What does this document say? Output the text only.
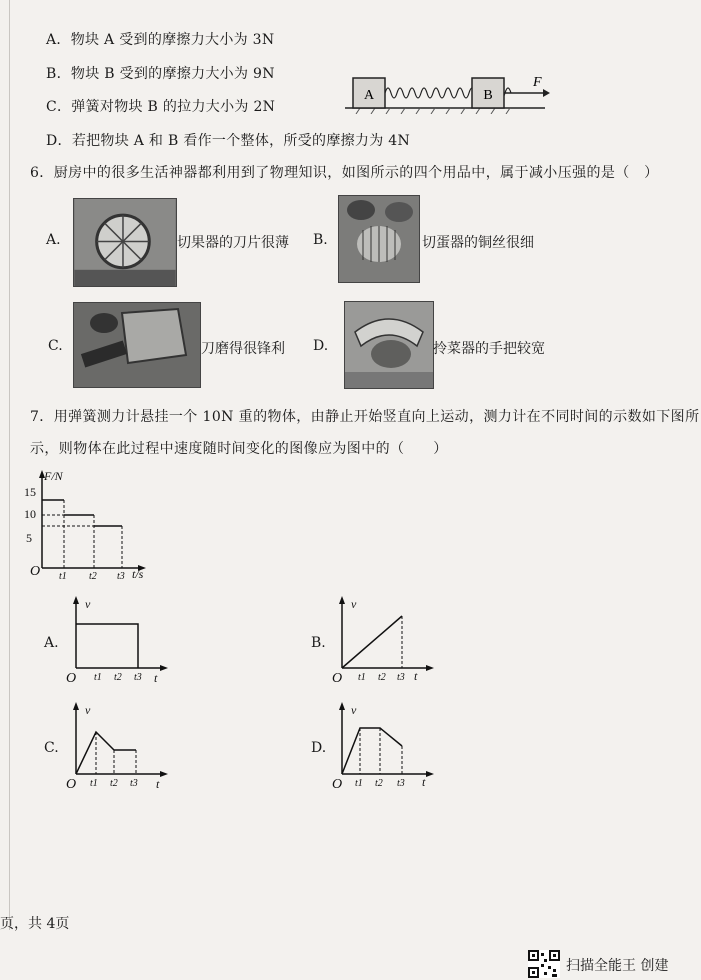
A．物块 A 受到的摩擦力大小为 3N
B．物块 B 受到的摩擦力大小为 9N
C．弹簧对物块 B 的拉力大小为 2N
D．若把物块 A 和 B 看作一个整体，所受的摩擦力为 4N
A	B
F
6．厨房中的很多生活神器都利用到了物理知识，如图所示的四个用品中，属于减小压强的是（　）
A.	切果器的刀片很薄 B.	切蛋器的铜丝很细
C.	刀磨得很锋利 D.	拎菜器的手把较宽
7．用弹簧测力计悬挂一个 10N 重的物体，由静止开始竖直向上运动，测力计在不同时间的示数如下图所
示，则物体在此过程中速度随时间变化的图像应为图中的（　　）
F/N
O	t/s
15
10
5
t1 t2 t3
A.
v
O	t
t1 t2 t3
B.
v
O	t
t1 t2 t3
C.
v
O	t
t1 t2 t3
D.
v
O	t
t1 t2 t3
页，共 4页
扫描全能王 创建
